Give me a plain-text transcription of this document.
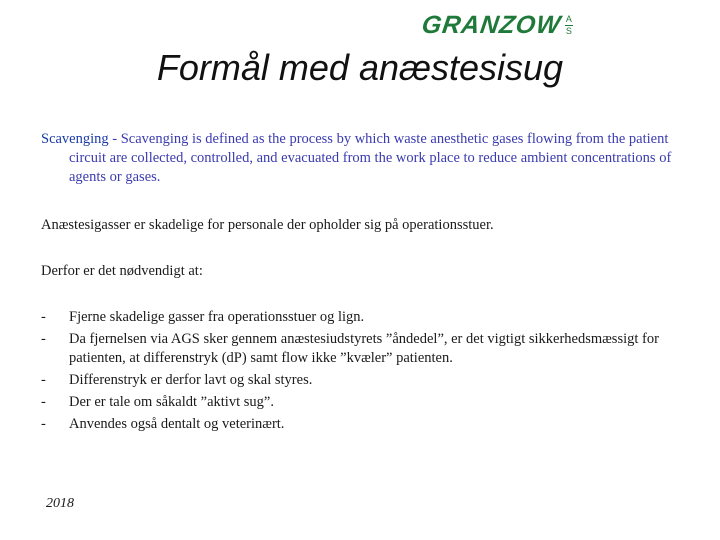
GRANZOW A
S
Formål med anæstesisug

Scavenging - Scavenging is defined as the process by which waste anesthetic gases flowing from the patient circuit are collected, controlled, and evacuated from the work place to reduce ambient concentrations of agents or gases.

Anæstesigasser er skadelige for personale der opholder sig på operationsstuer.

Derfor er det nødvendigt at:

-	Fjerne skadelige gasser fra operationsstuer og lign.
-	Da fjernelsen via AGS sker gennem anæstesiudstyrets ”åndedel”, er det vigtigt sikkerhedsmæssigt for patienten, at differenstryk (dP) samt flow ikke ”kvæler” patienten.
-	Differenstryk er derfor lavt og skal styres.
-	Der er tale om såkaldt ”aktivt sug”.
-	Anvendes også dentalt og veterinært.
2018
